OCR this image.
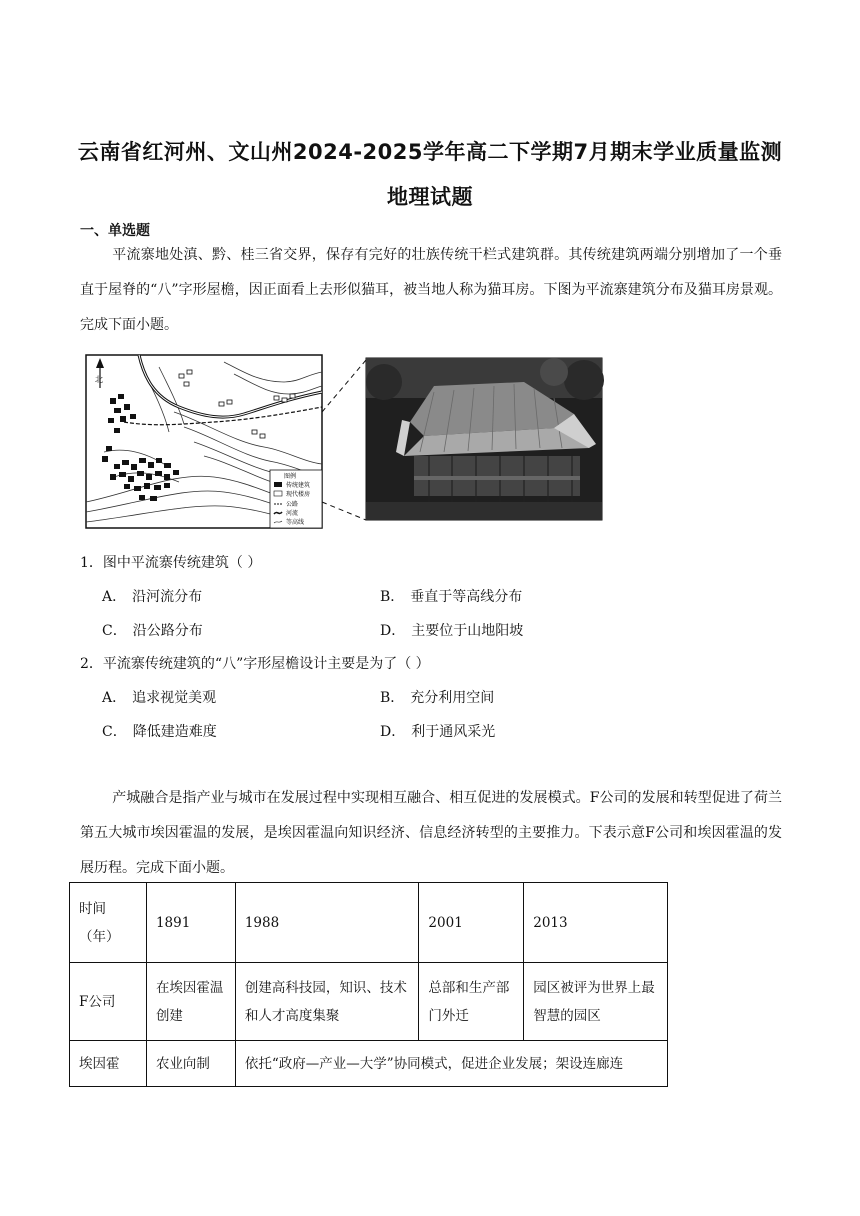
云南省红河州、文山州2024-2025学年高二下学期7月期末学业质量监测
地理试题
一、单选题

平流寨地处滇、黔、桂三省交界，保存有完好的壮族传统干栏式建筑群。其传统建筑两端分别增加了一个垂直于屋脊的“八”字形屋檐，因正面看上去形似猫耳，被当地人称为猫耳房。下图为平流寨建筑分布及猫耳房景观。完成下面小题。

北
图例
传统建筑
现代楼房
公路
河流
等高线
1．图中平流寨传统建筑（ ）
A． 沿河流分布	B． 垂直于等高线分布
C． 沿公路分布	D． 主要位于山地阳坡
2．平流寨传统建筑的“八”字形屋檐设计主要是为了（ ）
A． 追求视觉美观	B． 充分利用空间
C． 降低建造难度	D． 利于通风采光

产城融合是指产业与城市在发展过程中实现相互融合、相互促进的发展模式。F公司的发展和转型促进了荷兰第五大城市埃因霍温的发展，是埃因霍温向知识经济、信息经济转型的主要推力。下表示意F公司和埃因霍温的发展历程。完成下面小题。

时间（年）	1891	1988	2001	2013
F公司	在埃因霍温创建	创建高科技园，知识、技术和人才高度集聚	总部和生产部门外迁	园区被评为世界上最智慧的园区
埃因霍	农业向制	依托“政府—产业—大学”协同模式，促进企业发展；架设连廊连		
